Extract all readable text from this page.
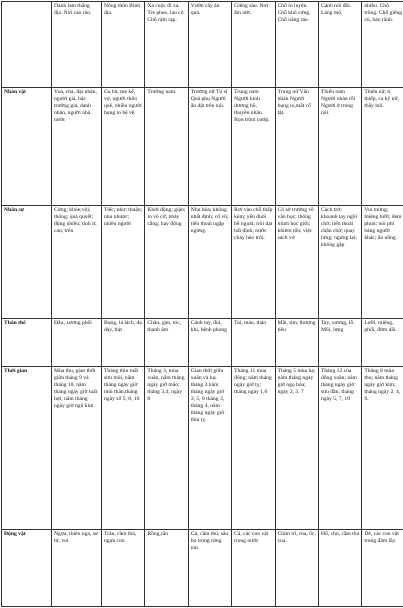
	Danh lam thắng địa. Nơi cao ráo.	Nông thôn Bình địa.	Xa cuộc đi xa. Tre pheo, lau cỏ Chỗ rậm rạp.	Vườn cây ăn quả.	Giếng sâu. Nơi ẩm ướt.	Chỗ lo luyện. Chỗ khô cứng. Chỗ nắng ráo.	Cạnh núi đồi. Làng mộ.	nhiều. Chỗ trũng. Chỗ giếng cũ, hào rãnh.
Nhân vật	Vua, cha, đại nhân, người già, bậc trưởng giả, danh nhân, người nhà nước	Cụ bà; mẹ kế, vợ, người thôn quê, nhiều người bụng to bệ vệ.	Trưởng nam.	Trưởng nữ Tú sĩ Quả phụ Người ẩn dật trên núi.	Trung nam Người kinh dương hồ, thuyền nhân. Bọn trộm cướp.	Trung nữ Văn nhân Người bụng to,mắt cố tật.	Thiếu nam Người nhàn rỗi Người ở trong núi.	Thiếu nữ, tì thiếp, ca kỹ nữ, thầy bói.
Nhân sự	Cứng; khỏe;vội; thông; quả quyết; động nhiều; tinh ít; cao, trên	Tiếc; như; thuận; nhu nhược; nhiều người	Khởi động; giận; lo vô cớ; nhảy cẫng; hay động	Nhu hòa; không nhất định; cổ vũ; tiến thoái ngập ngừng.	Rơi vào chỗ thấp kém; yếu đuối bề ngoài; trôi dạt bất định; nước chảy hèo trôi.	Cô sở trường về văn học; thông minh học giỏi; khiêm tốn; việc sách vở	Cách trở; khoanh tay ngồi chờ; tiến thoái chần chừ; quay lưng; ngưng lại; không gặp	Vui mừng; miệng lưỡi; đem phun; nói phỉ báng người khác; ăn uống.
Thân thể	Đầu, xương phổi	Bụng, lá lách, dạ dày, thịt	Chân, gan, tóc, thanh âm	Cánh tay, đùi, khí, bệnh phong	Tai, máu, thận	Mắt, tim, thượng tiêu	Tay, xương, lỗ. Mũi, lưng	Lưỡi, miệng, phổi, đờm dãi.
Thời gian	Mùa thu, giao thời giữa tháng 9 và tháng 10, năm tháng ngày giờ tuất hợi, năm tháng ngày giờ ngũ kim	Tháng thìn tuất sửu mùi, năm tháng ngày giờ mùi thân,tháng ngày số 5, 8, 10	Tháng 3, mùa xuân, năm tháng ngày giờ mão; tháng 3,4; ngày 8	Giao thời giữa xuân và hạ; tháng 3 năm tháng ngày giờ 3, 5, 8 tháng 3, tháng 4, năm tháng ngày giờ thìn tỵ.	Tháng 11 mùa đông; năm tháng ngày giờ tỵ; tháng ngày 1,6	Tháng 5 mùa hạ; năm tháng ngày giờ ngọ hỏa; ngày 2, 3, 7	Tháng 12 của đông xuân; năm tháng ngày giờ sửu dần; tháng ngày 5, 7, 10	Tháng 8 mùa thu; năm tháng ngày giờ kim; tháng ngày 2, 4, 9.
Động vật	Ngựa, thiên nga, sư tử, voi	Trâu, cầm thú, ngựa con	Rồng,rắn	Gà, cầm thú, sâu bọ trong rừng núi	Cá, các con vật trong nước	Chim trĩ, rùa, ốc, cua.	Hổ, chó, cầm thú	Dê, các con vật trong đầm lầy.
